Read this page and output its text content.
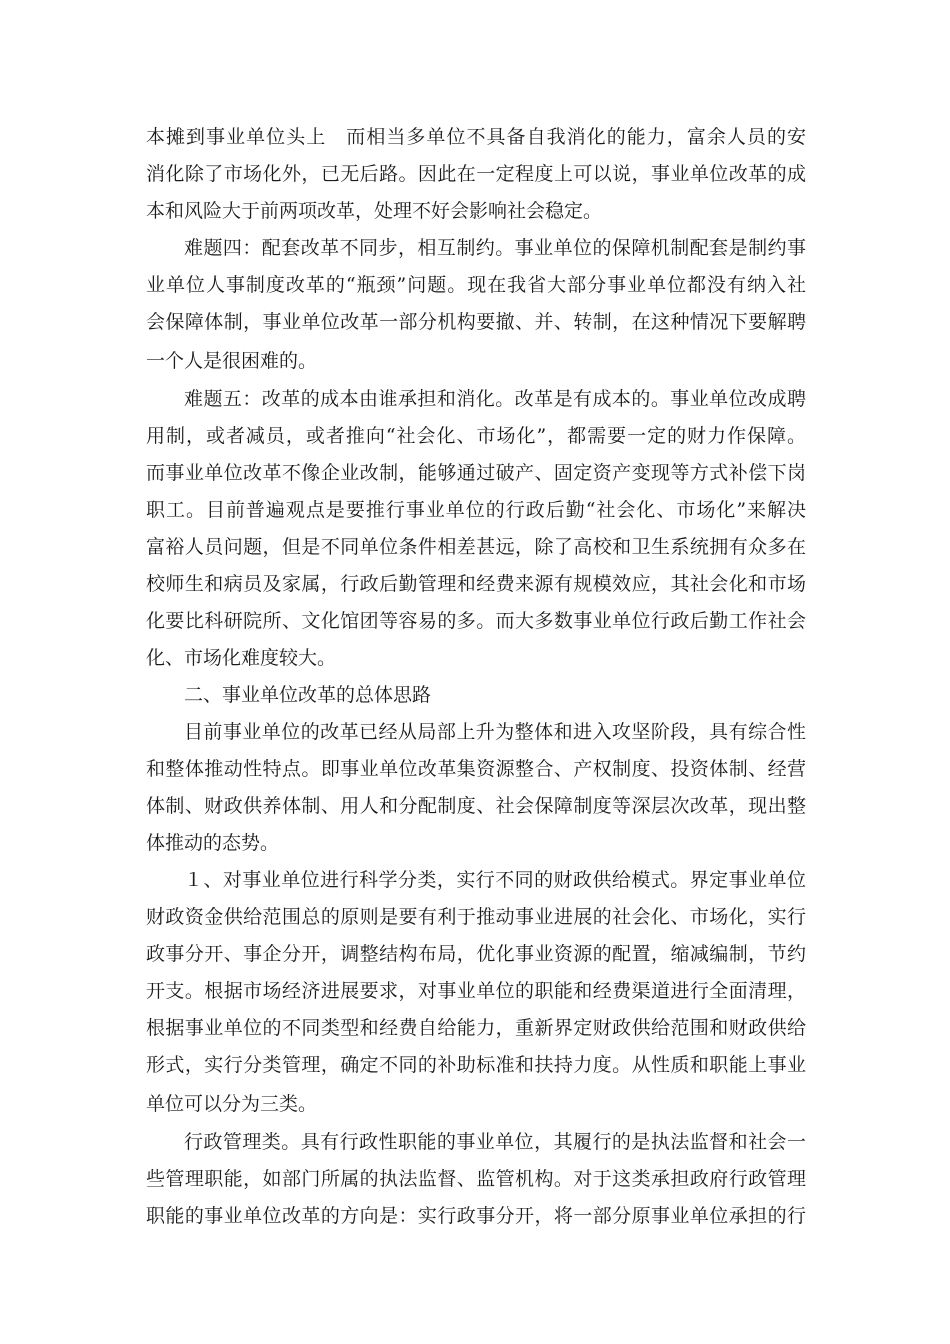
本摊到事业单位头上　而相当多单位不具备自我消化的能力，富余人员的安
消化除了市场化外，已无后路。因此在一定程度上可以说，事业单位改革的成
本和风险大于前两项改革，处理不好会影响社会稳定。
难题四：配套改革不同步，相互制约。事业单位的保障机制配套是制约事
业单位人事制度改革的“瓶颈”问题。现在我省大部分事业单位都没有纳入社
会保障体制，事业单位改革一部分机构要撤、并、转制，在这种情况下要解聘
一个人是很困难的。
难题五：改革的成本由谁承担和消化。改革是有成本的。事业单位改成聘
用制，或者减员，或者推向“社会化、市场化”，都需要一定的财力作保障。
而事业单位改革不像企业改制，能够通过破产、固定资产变现等方式补偿下岗
职工。目前普遍观点是要推行事业单位的行政后勤“社会化、市场化”来解决
富裕人员问题，但是不同单位条件相差甚远，除了高校和卫生系统拥有众多在
校师生和病员及家属，行政后勤管理和经费来源有规模效应，其社会化和市场
化要比科研院所、文化馆团等容易的多。而大多数事业单位行政后勤工作社会
化、市场化难度较大。
二、事业单位改革的总体思路
目前事业单位的改革已经从局部上升为整体和进入攻坚阶段，具有综合性
和整体推动性特点。即事业单位改革集资源整合、产权制度、投资体制、经营
体制、财政供养体制、用人和分配制度、社会保障制度等深层次改革，现出整
体推动的态势。
１、对事业单位进行科学分类，实行不同的财政供给模式。界定事业单位
财政资金供给范围总的原则是要有利于推动事业进展的社会化、市场化，实行
政事分开、事企分开，调整结构布局，优化事业资源的配置，缩减编制，节约
开支。根据市场经济进展要求，对事业单位的职能和经费渠道进行全面清理，
根据事业单位的不同类型和经费自给能力，重新界定财政供给范围和财政供给
形式，实行分类管理，确定不同的补助标准和扶持力度。从性质和职能上事业
单位可以分为三类。
行政管理类。具有行政性职能的事业单位，其履行的是执法监督和社会一
些管理职能，如部门所属的执法监督、监管机构。对于这类承担政府行政管理
职能的事业单位改革的方向是：实行政事分开，将一部分原事业单位承担的行
